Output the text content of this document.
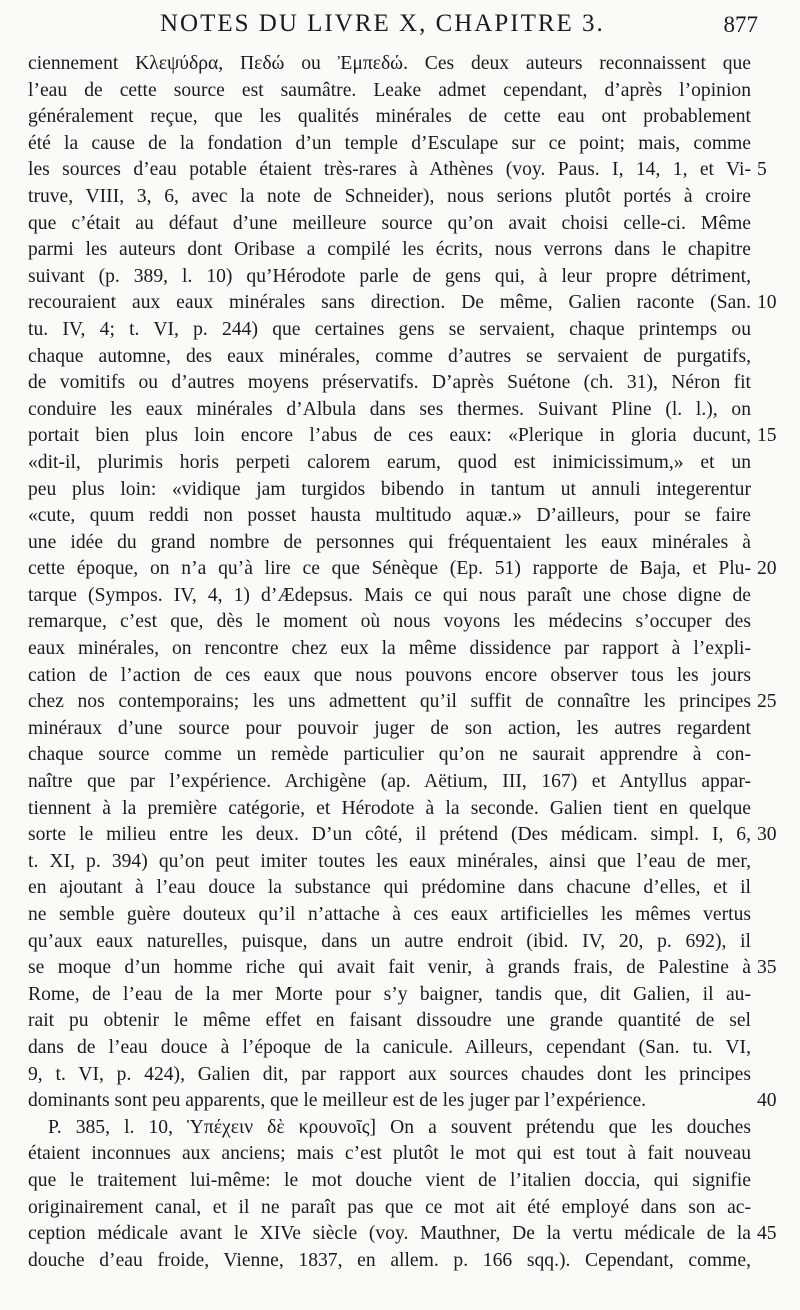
NOTES DU LIVRE X, CHAPITRE 3.	877
ciennement Κλεψύδρα, Πεδώ ou Ἐμπεδώ. Ces deux auteurs reconnaissent que
l’eau de cette source est saumâtre. Leake admet cependant, d’après l’opinion
généralement reçue, que les qualités minérales de cette eau ont probablement
été la cause de la fondation d’un temple d’Esculape sur ce point; mais, comme
les sources d’eau potable étaient très-rares à Athènes (voy. Paus. I, 14, 1, et Vi-
truve, VIII, 3, 6, avec la note de Schneider), nous serions plutôt portés à croire
que c’était au défaut d’une meilleure source qu’on avait choisi celle-ci. Même
parmi les auteurs dont Oribase a compilé les écrits, nous verrons dans le chapitre
suivant (p. 389, l. 10) qu’Hérodote parle de gens qui, à leur propre détriment,
recouraient aux eaux minérales sans direction. De même, Galien raconte (San.
tu. IV, 4; t. VI, p. 244) que certaines gens se servaient, chaque printemps ou
chaque automne, des eaux minérales, comme d’autres se servaient de purgatifs,
de vomitifs ou d’autres moyens préservatifs. D’après Suétone (ch. 31), Néron fit
conduire les eaux minérales d’Albula dans ses thermes. Suivant Pline (l. l.), on
portait bien plus loin encore l’abus de ces eaux: «Plerique in gloria ducunt,
«dit-il, plurimis horis perpeti calorem earum, quod est inimicissimum,» et un
peu plus loin: «vidique jam turgidos bibendo in tantum ut annuli integerentur
«cute, quum reddi non posset hausta multitudo aquæ.» D’ailleurs, pour se faire
une idée du grand nombre de personnes qui fréquentaient les eaux minérales à
cette époque, on n’a qu’à lire ce que Sénèque (Ep. 51) rapporte de Baja, et Plu-
tarque (Sympos. IV, 4, 1) d’Ædepsus. Mais ce qui nous paraît une chose digne de
remarque, c’est que, dès le moment où nous voyons les médecins s’occuper des
eaux minérales, on rencontre chez eux la même dissidence par rapport à l’expli-
cation de l’action de ces eaux que nous pouvons encore observer tous les jours
chez nos contemporains; les uns admettent qu’il suffit de connaître les principes
minéraux d’une source pour pouvoir juger de son action, les autres regardent
chaque source comme un remède particulier qu’on ne saurait apprendre à con-
naître que par l’expérience. Archigène (ap. Aëtium, III, 167) et Antyllus appar-
tiennent à la première catégorie, et Hérodote à la seconde. Galien tient en quelque
sorte le milieu entre les deux. D’un côté, il prétend (Des médicam. simpl. I, 6,
t. XI, p. 394) qu’on peut imiter toutes les eaux minérales, ainsi que l’eau de mer,
en ajoutant à l’eau douce la substance qui prédomine dans chacune d’elles, et il
ne semble guère douteux qu’il n’attache à ces eaux artificielles les mêmes vertus
qu’aux eaux naturelles, puisque, dans un autre endroit (ibid. IV, 20, p. 692), il
se moque d’un homme riche qui avait fait venir, à grands frais, de Palestine à
Rome, de l’eau de la mer Morte pour s’y baigner, tandis que, dit Galien, il au-
rait pu obtenir le même effet en faisant dissoudre une grande quantité de sel
dans de l’eau douce à l’époque de la canicule. Ailleurs, cependant (San. tu. VI,
9, t. VI, p. 424), Galien dit, par rapport aux sources chaudes dont les principes
dominants sont peu apparents, que le meilleur est de les juger par l’expérience.
P. 385, l. 10, Ὑπέχειν δὲ κρουνοῖς] On a souvent prétendu que les douches
étaient inconnues aux anciens; mais c’est plutôt le mot qui est tout à fait nouveau
que le traitement lui-même: le mot douche vient de l’italien doccia, qui signifie
originairement canal, et il ne paraît pas que ce mot ait été employé dans son ac-
ception médicale avant le XIVe siècle (voy. Mauthner, De la vertu médicale de la
douche d’eau froide, Vienne, 1837, en allem. p. 166 sqq.). Cependant, comme,
5
10
15
20
25
30
35
40
45
